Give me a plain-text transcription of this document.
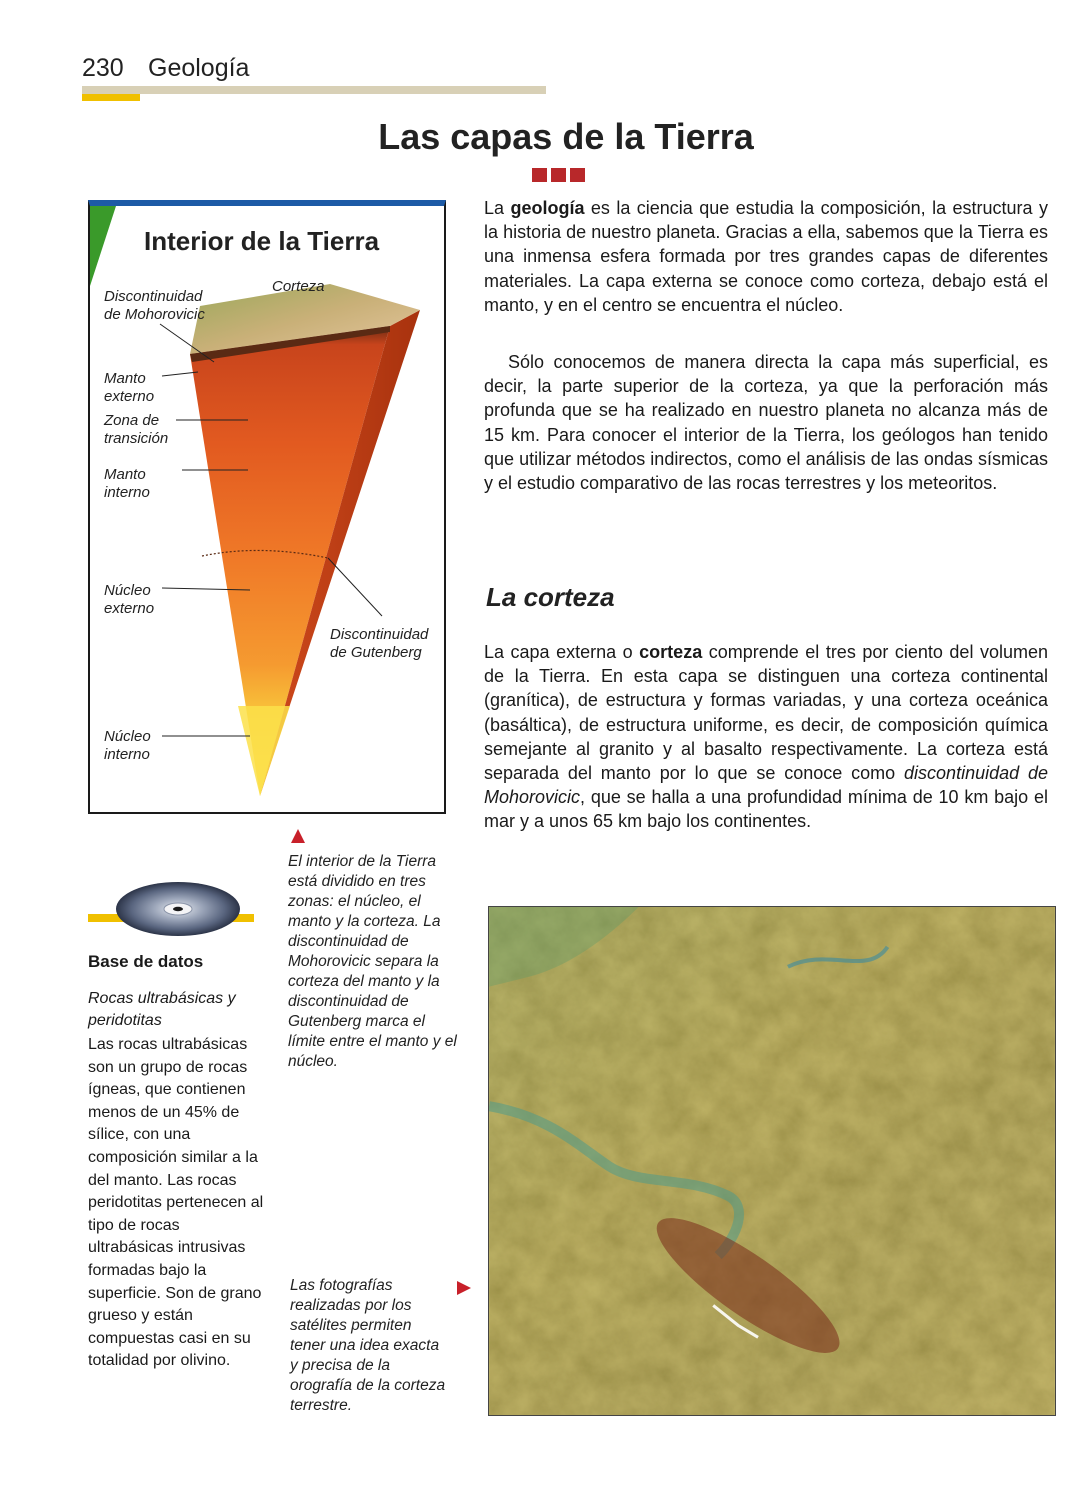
230 Geología
Las capas de la Tierra
Interior de la Tierra
Corteza
Discontinuidad
de Mohorovicic
Manto
externo
Zona de
transición
Manto
interno
Núcleo
externo
Discontinuidad
de Gutenberg
Núcleo
interno
El interior de la Tierra está dividido en tres zonas: el núcleo, el manto y la corteza. La discontinuidad de Mohorovicic separa la corteza del manto y la discontinuidad de Gutenberg marca el límite entre el manto y el núcleo.
Base de datos
Rocas ultrabásicas y peridotitas
Las rocas ultrabásicas son un grupo de rocas ígneas, que contienen menos de un 45% de sílice, con una composición similar a la del manto. Las rocas peridotitas pertenecen al tipo de rocas ultrabásicas intrusivas formadas bajo la superficie. Son de grano grueso y están compuestas casi en su totalidad por olivino.
Las fotografías realizadas por los satélites permiten tener una idea exacta y precisa de la orografía de la corteza terrestre.
La geología es la ciencia que estudia la composición, la estructura y la historia de nuestro planeta. Gracias a ella, sabemos que la Tierra es una inmensa esfera formada por tres grandes capas de diferentes materiales. La capa externa se conoce como corteza, debajo está el manto, y en el centro se encuentra el núcleo.
Sólo conocemos de manera directa la capa más superficial, es decir, la parte superior de la corteza, ya que la perforación más profunda que se ha realizado en nuestro planeta no alcanza más de 15 km. Para conocer el interior de la Tierra, los geólogos han tenido que utilizar métodos indirectos, como el análisis de las ondas sísmicas y el estudio comparativo de las rocas terrestres y los meteoritos.
La corteza
La capa externa o corteza comprende el tres por ciento del volumen de la Tierra. En esta capa se distinguen una corteza continental (granítica), de estructura y formas variadas, y una corteza oceánica (basáltica), de estructura uniforme, es decir, de composición química semejante al granito y al basalto respectivamente. La corteza está separada del manto por lo que se conoce como discontinuidad de Mohorovicic, que se halla a una profundidad mínima de 10 km bajo el mar y a unos 65 km bajo los continentes.
